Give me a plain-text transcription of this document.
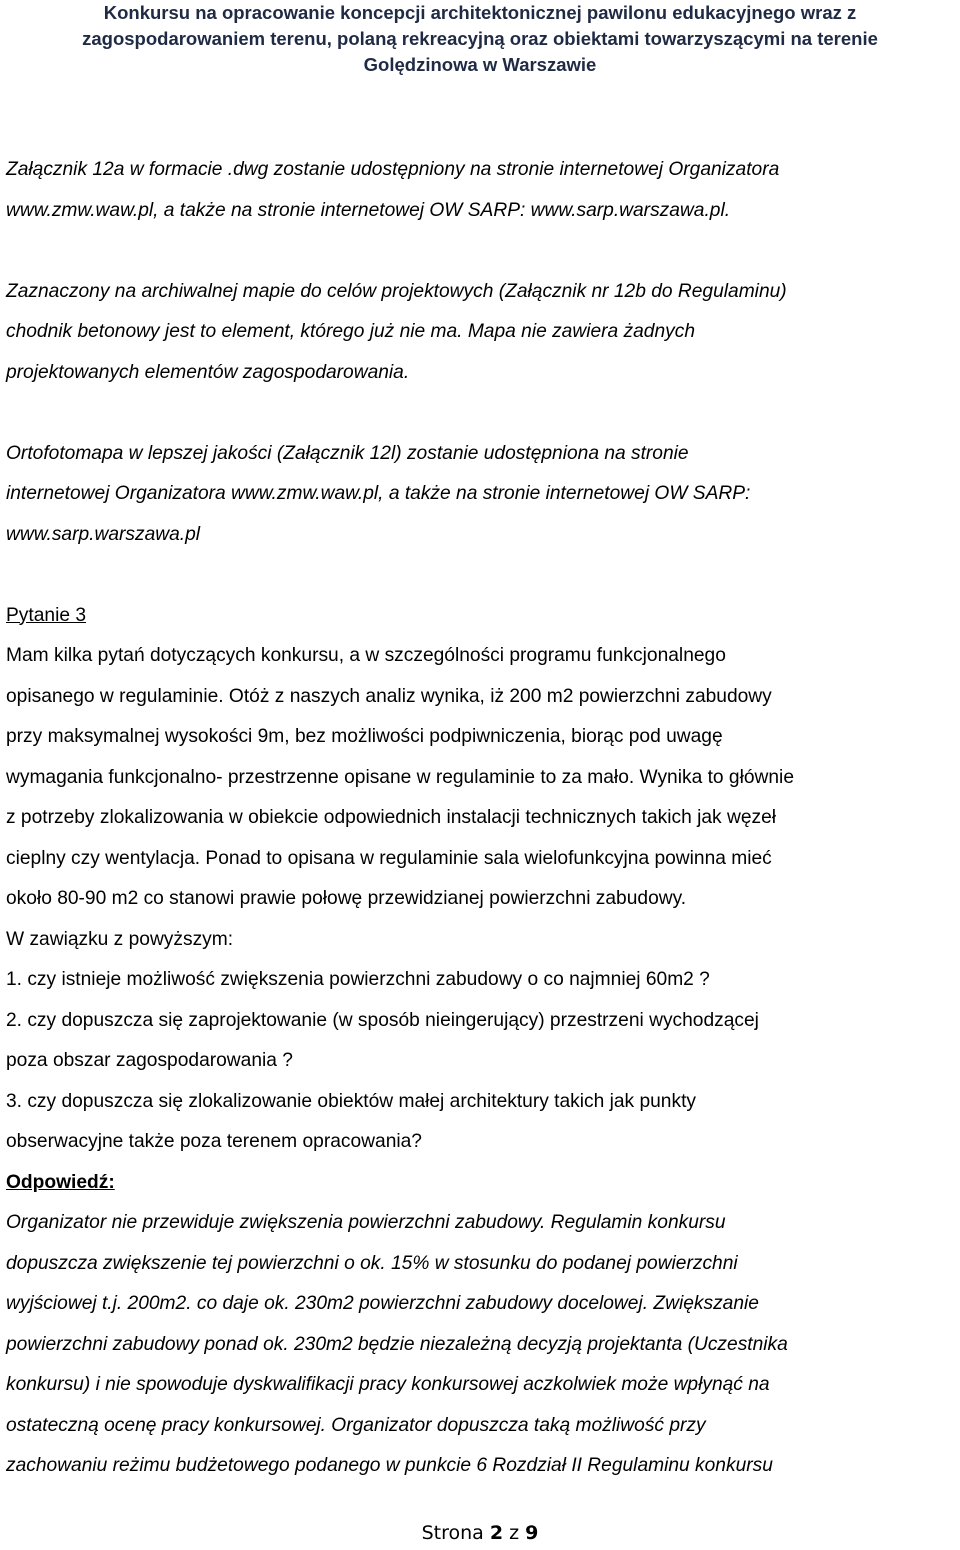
Konkursu na opracowanie koncepcji architektonicznej pawilonu edukacyjnego wraz z
zagospodarowaniem terenu, polaną rekreacyjną oraz obiektami towarzyszącymi na terenie
Golędzinowa w Warszawie
Załącznik 12a w formacie .dwg zostanie udostępniony na stronie internetowej Organizatora
www.zmw.waw.pl, a także na stronie internetowej OW SARP: www.sarp.warszawa.pl.
Zaznaczony na archiwalnej mapie do celów projektowych (Załącznik nr 12b do Regulaminu)
chodnik betonowy jest to element, którego już nie ma. Mapa nie zawiera żadnych
projektowanych elementów zagospodarowania.
Ortofotomapa w lepszej jakości (Załącznik 12l) zostanie udostępniona na stronie
internetowej Organizatora www.zmw.waw.pl, a także na stronie internetowej OW SARP:
www.sarp.warszawa.pl
Pytanie 3
Mam kilka pytań dotyczących konkursu, a w szczególności programu funkcjonalnego
opisanego w regulaminie. Otóż z naszych analiz wynika, iż 200 m2 powierzchni zabudowy
przy maksymalnej wysokości 9m, bez możliwości podpiwniczenia, biorąc pod uwagę
wymagania funkcjonalno- przestrzenne opisane w regulaminie to za mało. Wynika to głównie
z potrzeby zlokalizowania w obiekcie odpowiednich instalacji technicznych takich jak węzeł
cieplny czy wentylacja. Ponad to opisana w regulaminie sala wielofunkcyjna powinna mieć
około 80-90 m2 co stanowi prawie połowę przewidzianej powierzchni zabudowy.
W zawiązku z powyższym:
1. czy istnieje możliwość zwiększenia powierzchni zabudowy o co najmniej 60m2 ?
2. czy dopuszcza się zaprojektowanie (w sposób nieingerujący) przestrzeni wychodzącej
poza obszar zagospodarowania ?
3. czy dopuszcza się zlokalizowanie obiektów małej architektury takich jak punkty
obserwacyjne także poza terenem opracowania?
Odpowiedź:
Organizator nie przewiduje zwiększenia powierzchni zabudowy. Regulamin konkursu
dopuszcza zwiększenie tej powierzchni o ok. 15% w stosunku do podanej powierzchni
wyjściowej t.j. 200m2. co daje ok. 230m2 powierzchni zabudowy docelowej. Zwiększanie
powierzchni zabudowy ponad ok. 230m2 będzie niezależną decyzją projektanta (Uczestnika
konkursu) i nie spowoduje dyskwalifikacji pracy konkursowej aczkolwiek może wpłynąć na
ostateczną ocenę pracy konkursowej. Organizator dopuszcza taką możliwość przy
zachowaniu reżimu budżetowego podanego w punkcie 6 Rozdział II Regulaminu konkursu
Strona 2 z 9
